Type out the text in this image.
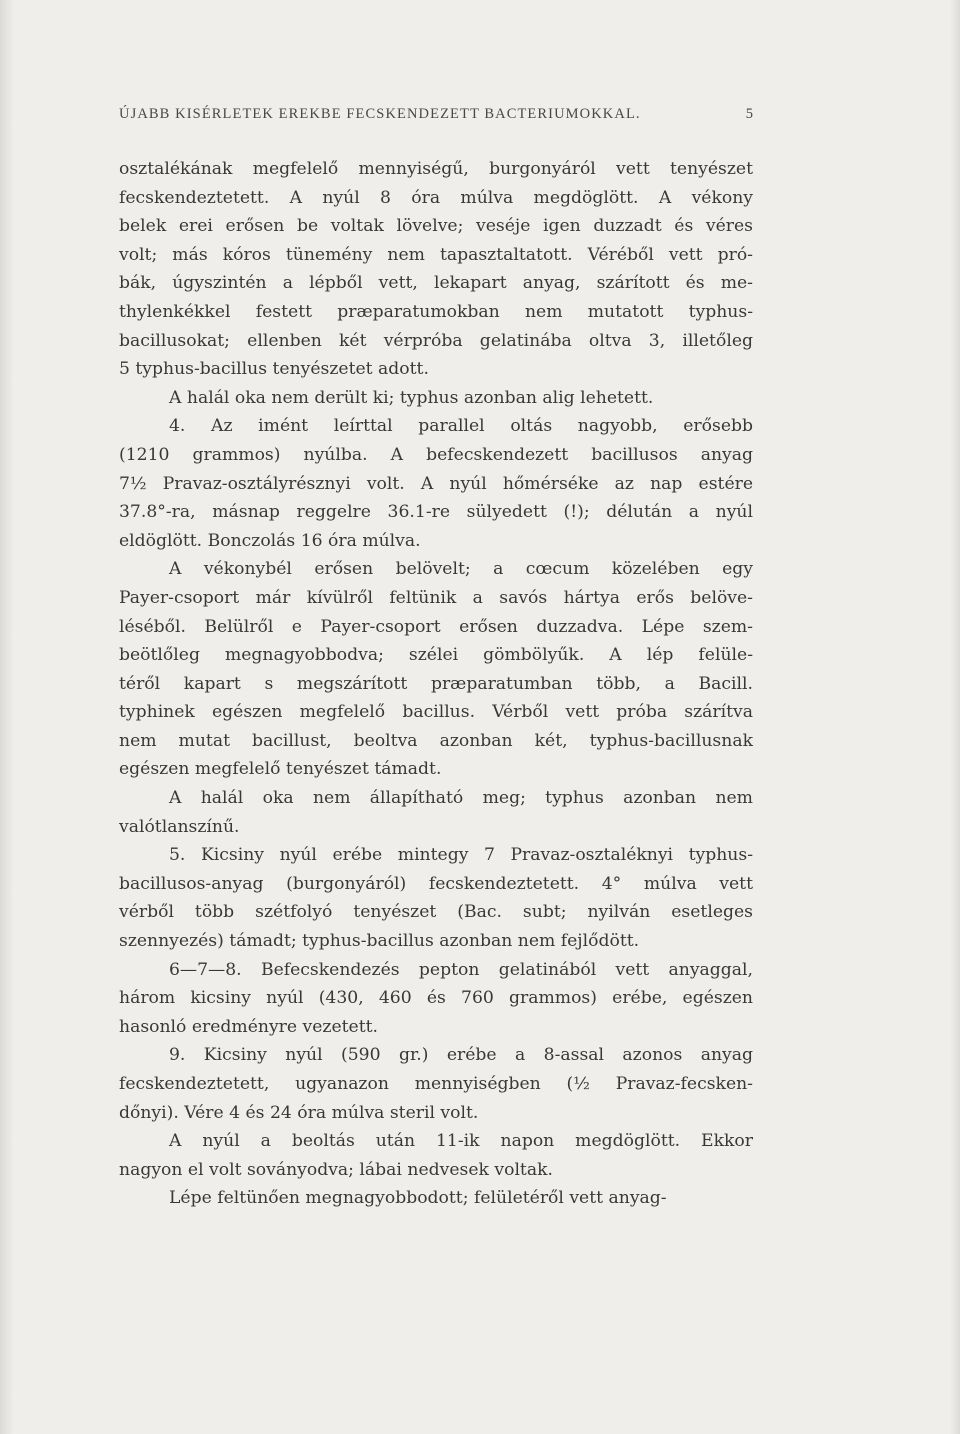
ÚJABB KISÉRLETEK EREKBE FECSKENDEZETT BACTERIUMOKKAL.	5
osztalékának megfelelő mennyiségű, burgonyáról vett tenyészet
fecskendeztetett. A nyúl 8 óra múlva megdöglött. A vékony
belek erei erősen be voltak lövelve; veséje igen duzzadt és véres
volt; más kóros tünemény nem tapasztaltatott. Véréből vett pró-
bák, úgyszintén a lépből vett, lekapart anyag, szárított és me-
thylenkékkel festett præparatumokban nem mutatott typhus-
bacillusokat; ellenben két vérpróba gelatinába oltva 3, illetőleg
5 typhus-bacillus tenyészetet adott.
A halál oka nem derült ki; typhus azonban alig lehetett.
4. Az imént leírttal parallel oltás nagyobb, erősebb
(1210 grammos) nyúlba. A befecskendezett bacillusos anyag
7½ Pravaz-osztályrésznyi volt. A nyúl hőmérséke az nap estére
37.8°-ra, másnap reggelre 36.1-re sülyedett (!); délután a nyúl
eldöglött. Bonczolás 16 óra múlva.
A vékonybél erősen belövelt; a cœcum közelében egy
Payer-csoport már kívülről feltünik a savós hártya erős belöve-
léséből. Belülről e Payer-csoport erősen duzzadva. Lépe szem-
beötlőleg megnagyobbodva; szélei gömbölyűk. A lép felüle-
téről kapart s megszárított præparatumban több, a Bacill.
typhinek egészen megfelelő bacillus. Vérből vett próba szárítva
nem mutat bacillust, beoltva azonban két, typhus-bacillusnak
egészen megfelelő tenyészet támadt.
A halál oka nem állapítható meg; typhus azonban nem
valótlanszínű.
5. Kicsiny nyúl erébe mintegy 7 Pravaz-osztaléknyi typhus-
bacillusos-anyag (burgonyáról) fecskendeztetett. 4° múlva vett
vérből több szétfolyó tenyészet (Bac. subt; nyilván esetleges
szennyezés) támadt; typhus-bacillus azonban nem fejlődött.
6—7—8. Befecskendezés pepton gelatinából vett anyaggal,
három kicsiny nyúl (430, 460 és 760 grammos) erébe, egészen
hasonló eredményre vezetett.
9. Kicsiny nyúl (590 gr.) erébe a 8-assal azonos anyag
fecskendeztetett, ugyanazon mennyiségben (½ Pravaz-fecsken-
dőnyi). Vére 4 és 24 óra múlva steril volt.
A nyúl a beoltás után 11-ik napon megdöglött. Ekkor
nagyon el volt soványodva; lábai nedvesek voltak.
Lépe feltünően megnagyobbodott; felületéről vett anyag-
